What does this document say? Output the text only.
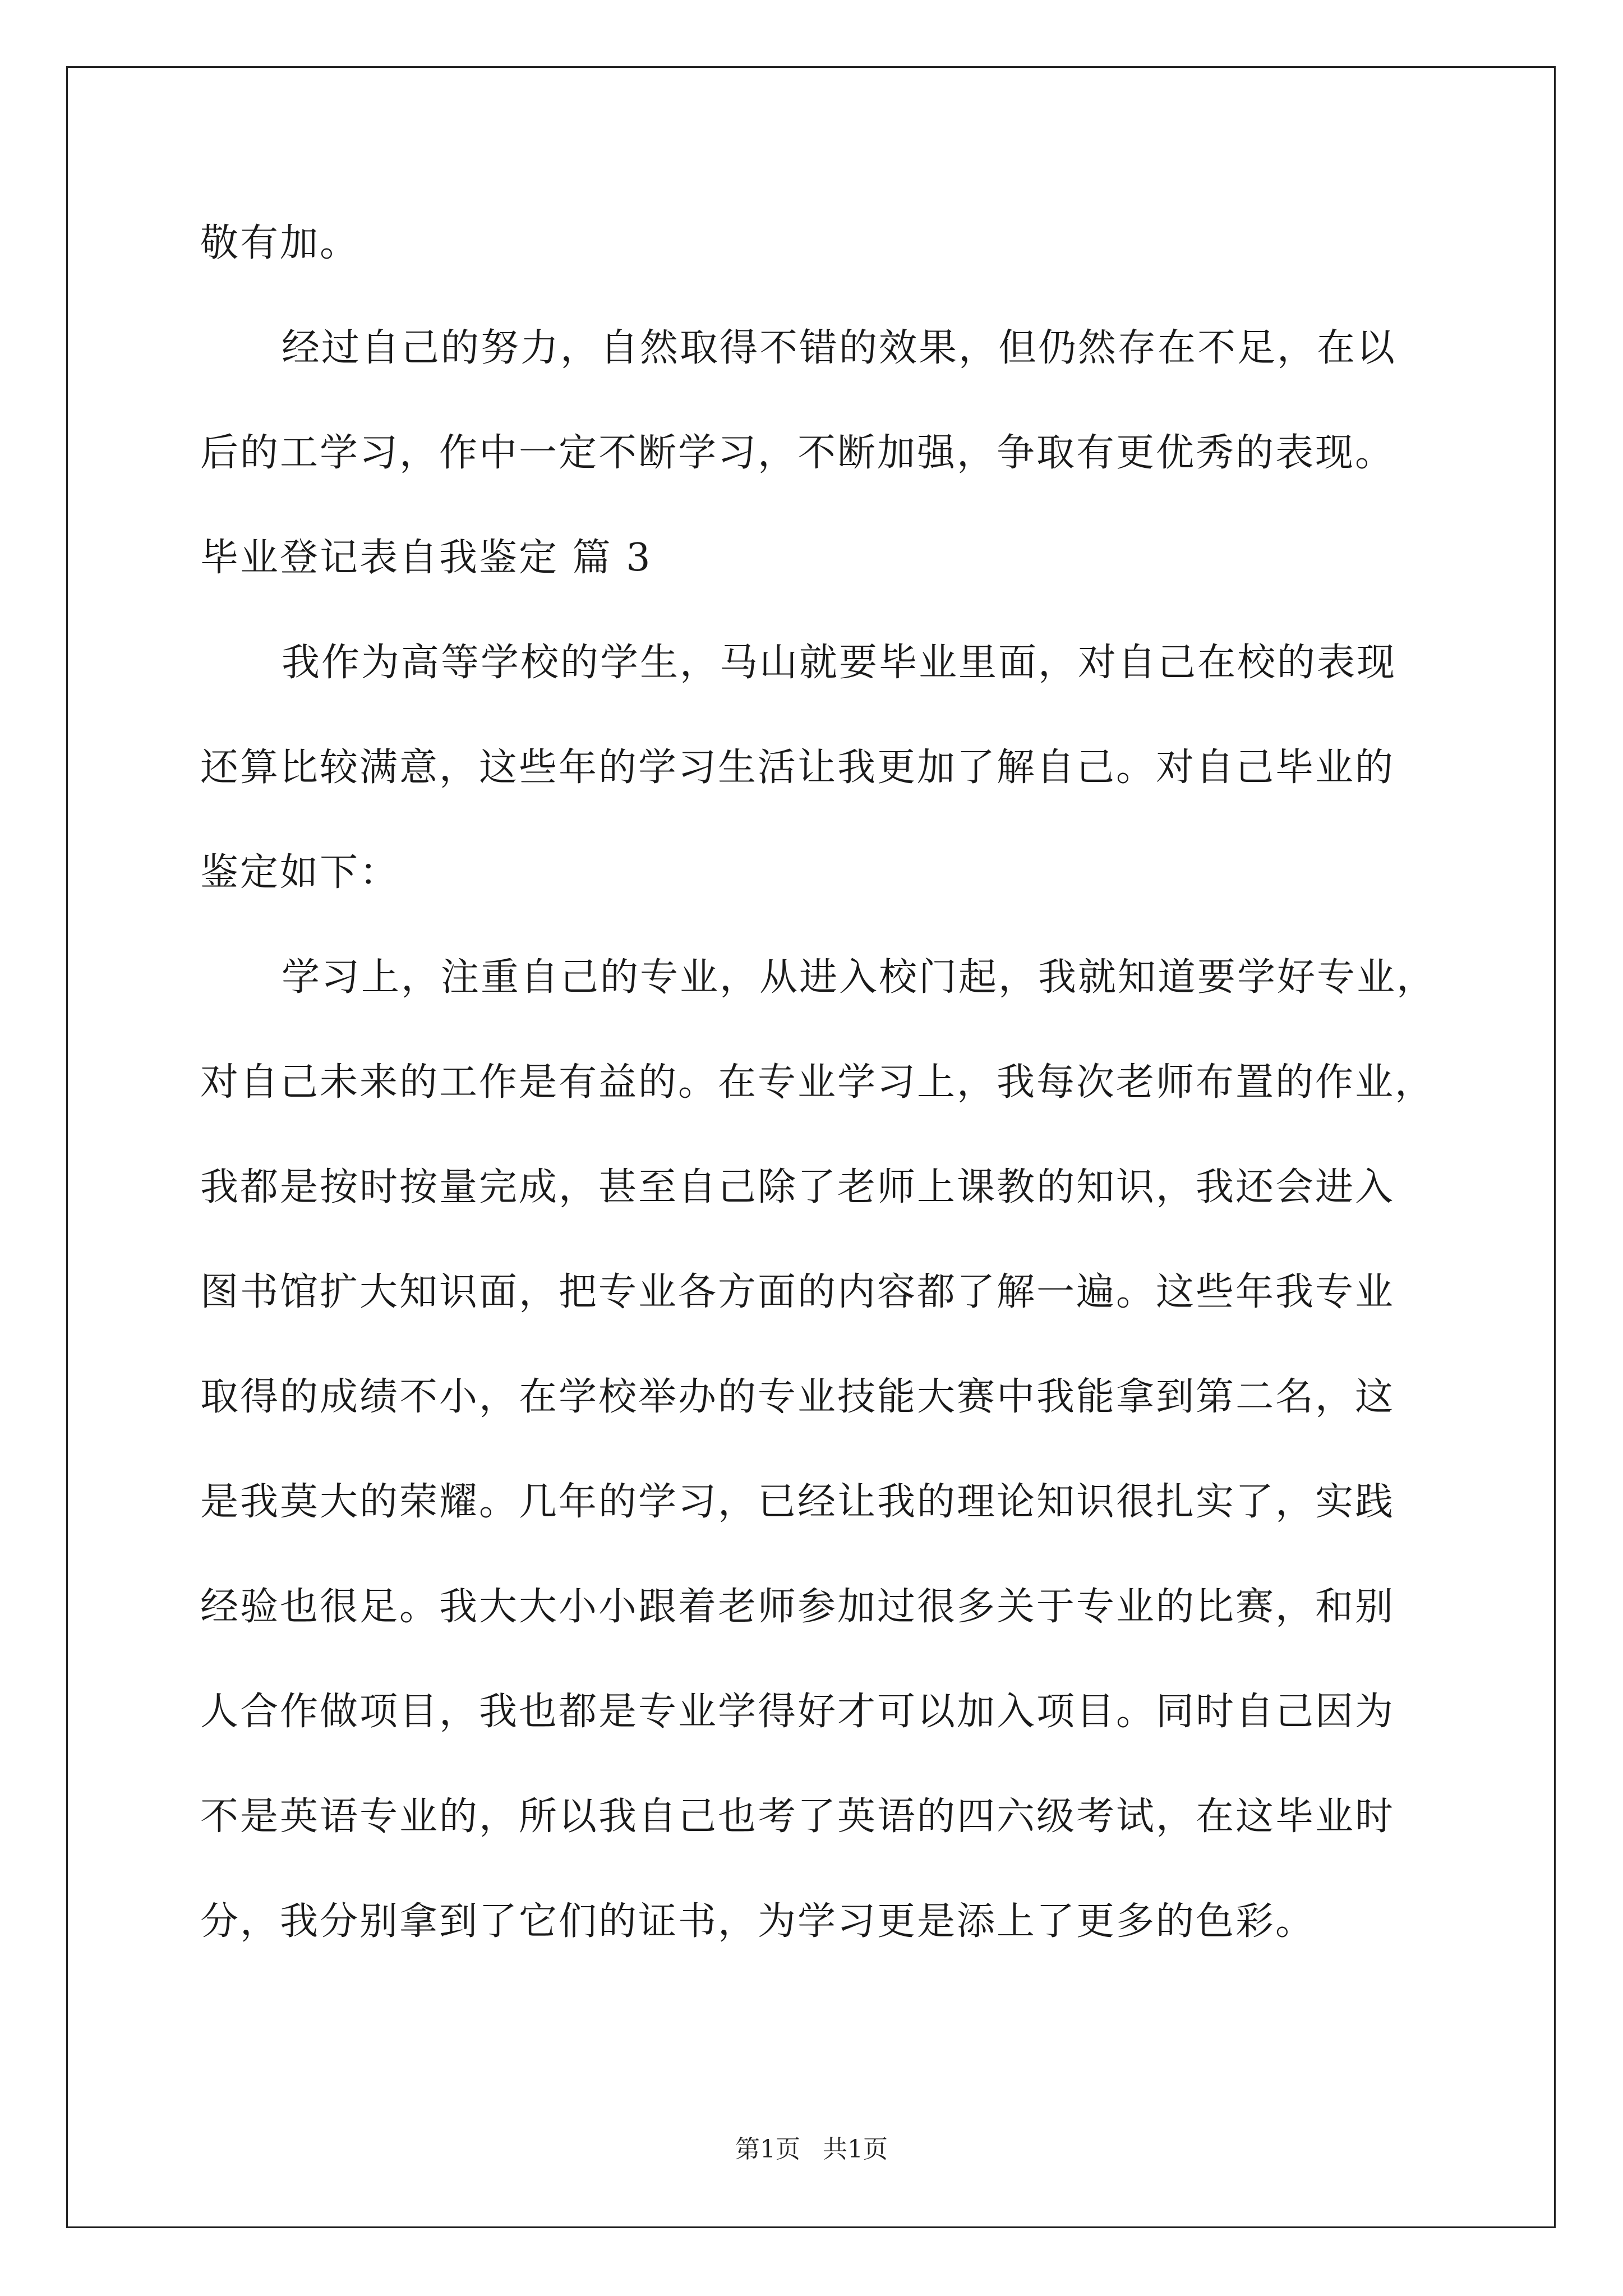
敬有加。
经过自己的努力，自然取得不错的效果，但仍然存在不足，在以
后的工学习，作中一定不断学习，不断加强，争取有更优秀的表现。
毕业登记表自我鉴定 篇 3
我作为高等学校的学生，马山就要毕业里面，对自己在校的表现
还算比较满意，这些年的学习生活让我更加了解自己。对自己毕业的
鉴定如下：
学习上，注重自己的专业，从进入校门起，我就知道要学好专业，
对自己未来的工作是有益的。在专业学习上，我每次老师布置的作业，
我都是按时按量完成，甚至自己除了老师上课教的知识，我还会进入
图书馆扩大知识面，把专业各方面的内容都了解一遍。这些年我专业
取得的成绩不小，在学校举办的专业技能大赛中我能拿到第二名，这
是我莫大的荣耀。几年的学习，已经让我的理论知识很扎实了，实践
经验也很足。我大大小小跟着老师参加过很多关于专业的比赛，和别
人合作做项目，我也都是专业学得好才可以加入项目。同时自己因为
不是英语专业的，所以我自己也考了英语的四六级考试，在这毕业时
分，我分别拿到了它们的证书，为学习更是添上了更多的色彩。
第1页 共1页
